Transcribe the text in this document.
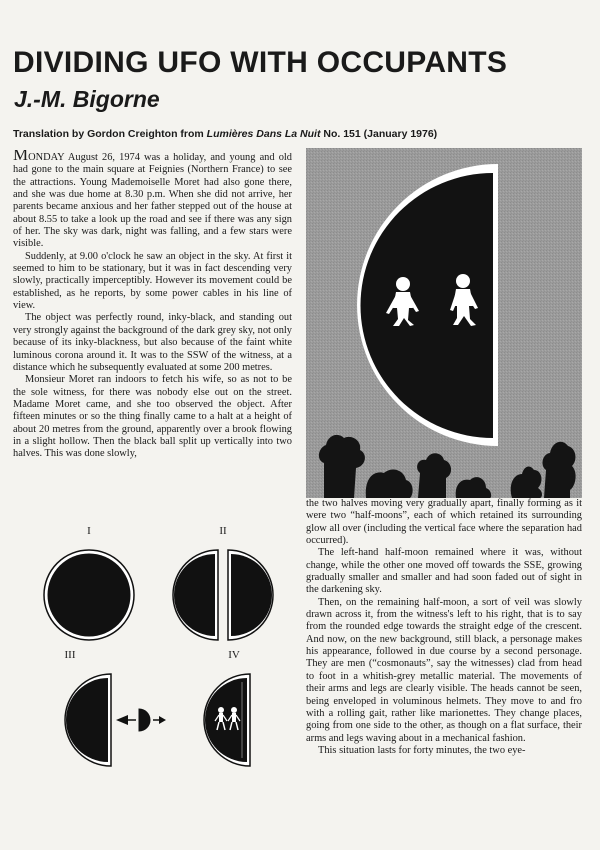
DIVIDING UFO WITH OCCUPANTS
J.-M. Bigorne

Translation by Gordon Creighton from Lumières Dans La Nuit No. 151 (January 1976)

MONDAY August 26, 1974 was a holiday, and young and old had gone to the main square at Feignies (Northern France) to see the attractions. Young Mademoiselle Moret had also gone there, and she was due home at 8.30 p.m. When she did not arrive, her parents became anxious and her father stepped out of the house at about 8.55 to take a look up the road and see if there was any sign of her. The sky was dark, night was falling, and a few stars were visible.

Suddenly, at 9.00 o'clock he saw an object in the sky. At first it seemed to him to be stationary, but it was in fact descending very slowly, practically imperceptibly. However its movement could be established, as he reports, by some power cables in his line of view.

The object was perfectly round, inky-black, and standing out very strongly against the background of the dark grey sky, not only because of its inky-blackness, but also because of the faint white luminous corona around it. It was to the SSW of the witness, at a distance which he subsequently evaluated at some 200 metres.

Monsieur Moret ran indoors to fetch his wife, so as not to be the sole witness, for there was nobody else out on the street. Madame Moret came, and she too observed the object. After fifteen minutes or so the thing finally came to a halt at a height of about 20 metres from the ground, apparently over a brook flowing in a slight hollow. Then the black ball split up vertically into two halves. This was done slowly,

the two halves moving very gradually apart, finally forming as it were two “half-moons”, each of which retained its surrounding glow all over (including the vertical face where the separation had occurred).

The left-hand half-moon remained where it was, without change, while the other one moved off towards the SSE, growing gradually smaller and smaller and had soon faded out of sight in the darkening sky.

Then, on the remaining half-moon, a sort of veil was slowly drawn across it, from the witness's left to his right, that is to say from the rounded edge towards the straight edge of the crescent. And now, on the new background, still black, a personage makes his appearance, followed in due course by a second personage. They are men (“cosmonauts”, say the witnesses) clad from head to foot in a whitish-grey metallic material. The movements of their arms and legs are clearly visible. The heads cannot be seen, being enveloped in voluminous helmets. They move to and fro with a rolling gait, rather like marionettes. They change places, going from one side to the other, as though on a flat surface, their arms and legs waving about in a mechanical fashion.

This situation lasts for forty minutes, the two eye-

I	II
III	IV
